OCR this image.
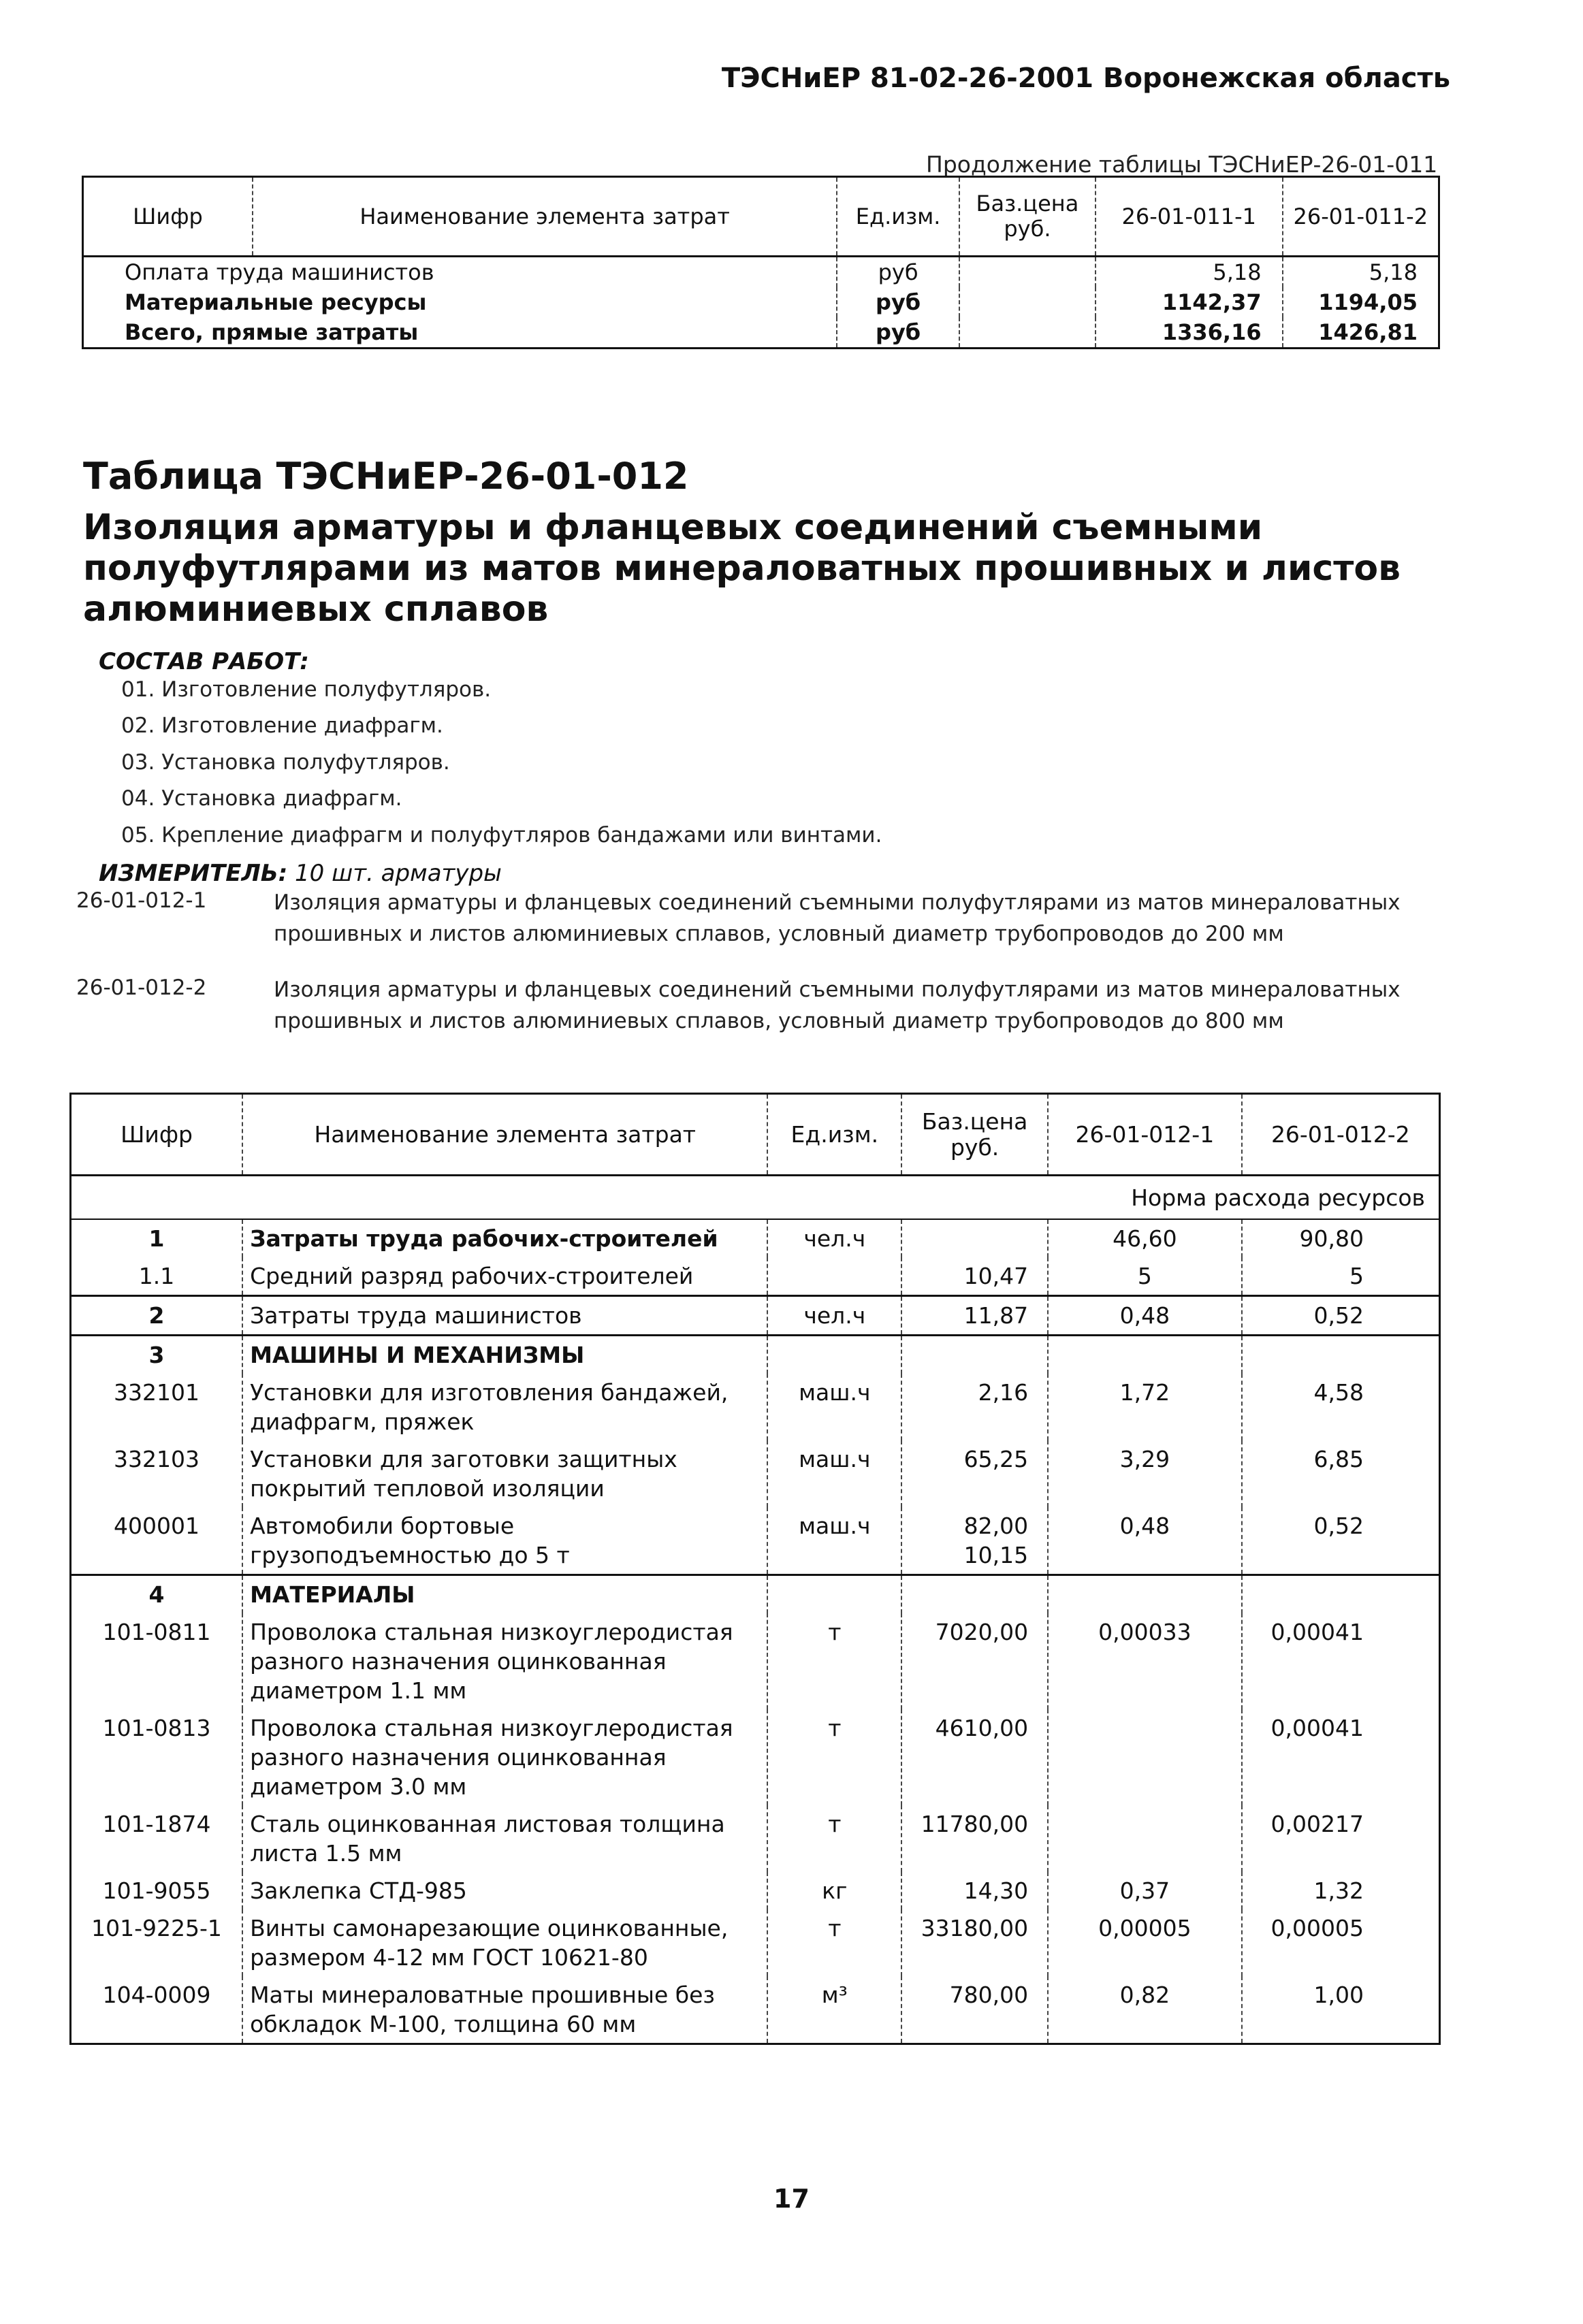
ТЭСНиЕР 81-02-26-2001 Воронежская область
Продолжение таблицы ТЭСНиЕР-26-01-011
Шифр	Наименование элемента затрат	Ед.изм.	Баз.цена руб.	26-01-011-1	26-01-011-2
Оплата труда машинистов		руб		5,18	5,18
Материальные ресурсы		руб		1142,37	1194,05
Всего, прямые затраты		руб		1336,16	1426,81
Таблица ТЭСНиЕР-26-01-012
Изоляция арматуры и фланцевых соединений съемными полуфутлярами из матов минераловатных прошивных и листов алюминиевых сплавов
СОСТАВ РАБОТ:
01. Изготовление полуфутляров.
02. Изготовление диафрагм.
03. Установка полуфутляров.
04. Установка диафрагм.
05. Крепление диафрагм и полуфутляров бандажами или винтами.
ИЗМЕРИТЕЛЬ: 10 шт. арматуры
26-01-012-1	Изоляция арматуры и фланцевых соединений съемными полуфутлярами из матов минераловатных прошивных и листов алюминиевых сплавов, условный диаметр трубопроводов до 200 мм
26-01-012-2	Изоляция арматуры и фланцевых соединений съемными полуфутлярами из матов минераловатных прошивных и листов алюминиевых сплавов, условный диаметр трубопроводов до 800 мм
Шифр	Наименование элемента затрат	Ед.изм.	Баз.цена руб.	26-01-012-1	26-01-012-2
Норма расхода ресурсов					
1	Затраты труда рабочих-строителей	чел.ч		46,60	90,80
1.1	Средний разряд рабочих-строителей		10,47	5	5
2	Затраты труда машинистов	чел.ч	11,87	0,48	0,52
3	МАШИНЫ И МЕХАНИЗМЫ				
332101	Установки для изготовления бандажей, диафрагм, пряжек	маш.ч	2,16	1,72	4,58
332103	Установки для заготовки защитных покрытий тепловой изоляции	маш.ч	65,25	3,29	6,85
400001	Автомобили бортовые грузоподъемностью до 5 т	маш.ч	82,00 10,15	0,48	0,52
4	МАТЕРИАЛЫ				
101-0811	Проволока стальная низкоуглеродистая разного назначения оцинкованная диаметром 1.1 мм	т	7020,00	0,00033	0,00041
101-0813	Проволока стальная низкоуглеродистая разного назначения оцинкованная диаметром 3.0 мм	т	4610,00		0,00041
101-1874	Сталь оцинкованная листовая толщина листа 1.5 мм	т	11780,00		0,00217
101-9055	Заклепка СТД-985	кг	14,30	0,37	1,32
101-9225-1	Винты самонарезающие оцинкованные, размером 4-12 мм ГОСТ 10621-80	т	33180,00	0,00005	0,00005
104-0009	Маты минераловатные прошивные без обкладок М-100, толщина 60 мм	м³	780,00	0,82	1,00
17
